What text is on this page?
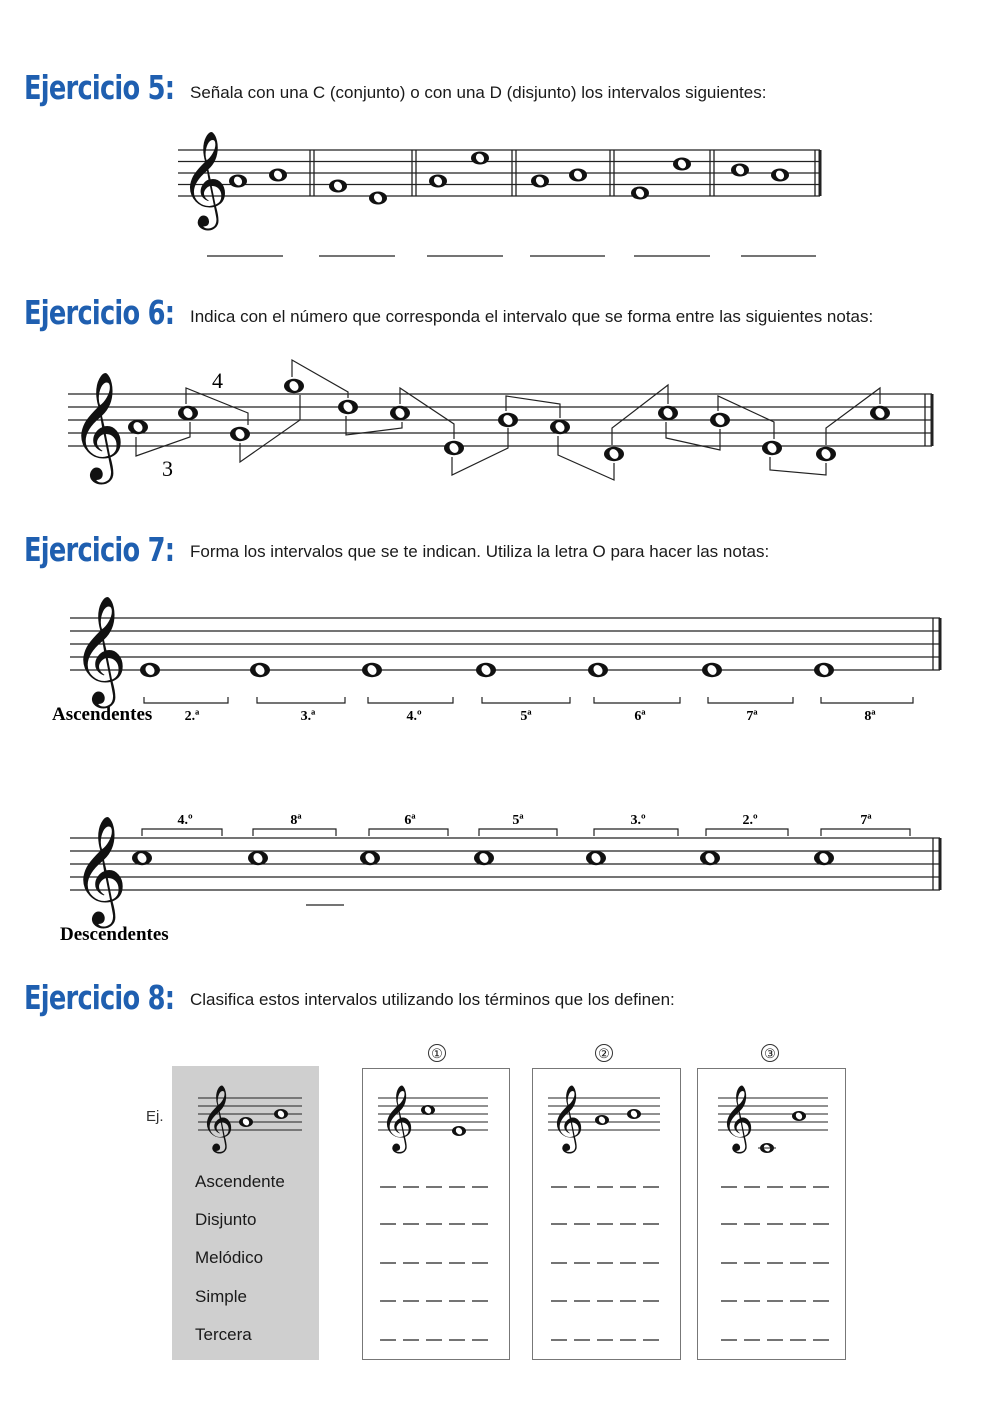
Ejercicio 5: Señala con una C (conjunto) o con una D (disjunto) los intervalos siguientes:
𝄞
Ejercicio 6: Indica con el número que corresponda el intervalo que se forma entre las siguientes notas:
4
3
𝄞
Ejercicio 7: Forma los intervalos que se te indican. Utiliza la letra O para hacer las notas:
Ascendentes
Descendentes
𝄞
2.ª	3.ª	4.º	5ª	6ª	7ª	8ª
𝄞	4.º	8ª	6ª	5ª	3.º	2.º	7ª
Ejercicio 8: Clasifica estos intervalos utilizando los términos que los definen:
Ej.
Ascendente
Disjunto
Melódico
Simple
Tercera
①	②	③
𝄞	𝄞 𝄞 𝄞
